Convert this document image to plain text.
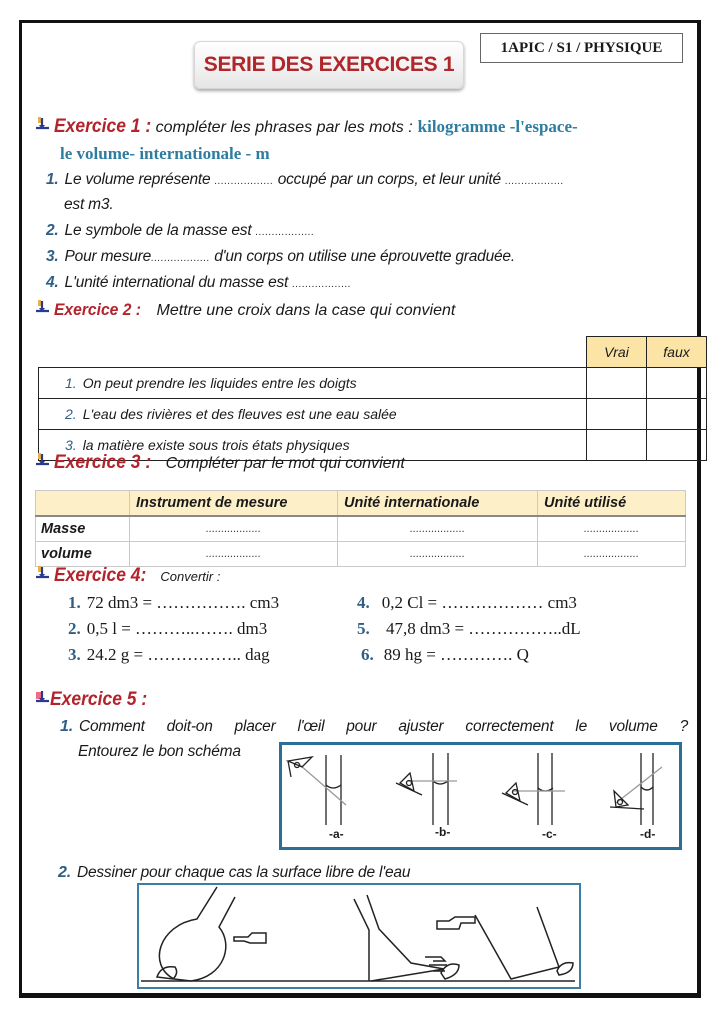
SERIE DES EXERCICES 1
1APIC / S1 / PHYSIQUE
Exercice 1 : compléter les phrases par les mots : kilogramme -l'espace-
le volume- internationale - m
1. Le volume représente .................. occupé par un corps, et leur unité ..................
est m3.
2. Le symbole de la masse est ..................
3. Pour mesure.................. d'un corps on utilise une éprouvette graduée.
4. L'unité international du masse est ..................
Exercice 2 : Mettre une croix dans la case qui convient
	Vrai	faux
1. On peut prendre les liquides entre les doigts		
2. L'eau des rivières et des fleuves est une eau salée		
3. la matière existe sous trois états physiques		
Exercice 3 : Compléter par le mot qui convient
	Instrument de mesure	Unité internationale	Unité utilisé
Masse	..................	..................	..................
volume	..................	..................	..................
Exercice 4: Convertir :
1. 72 dm3 = ……………. cm3
2. 0,5 l = ………..……. dm3
3. 24.2 g = …………….. dag
4. 0,2 Cl = ……………… cm3
5. 47,8 dm3 = ……………..dL
6. 89 hg = …………. Q
Exercice 5 :
1. Comment doit-on placer l'œil pour ajuster correctement le volume ?
Entourez le bon schéma
-a-	-b-	-c-	-d-
2. Dessiner pour chaque cas la surface libre de l'eau
